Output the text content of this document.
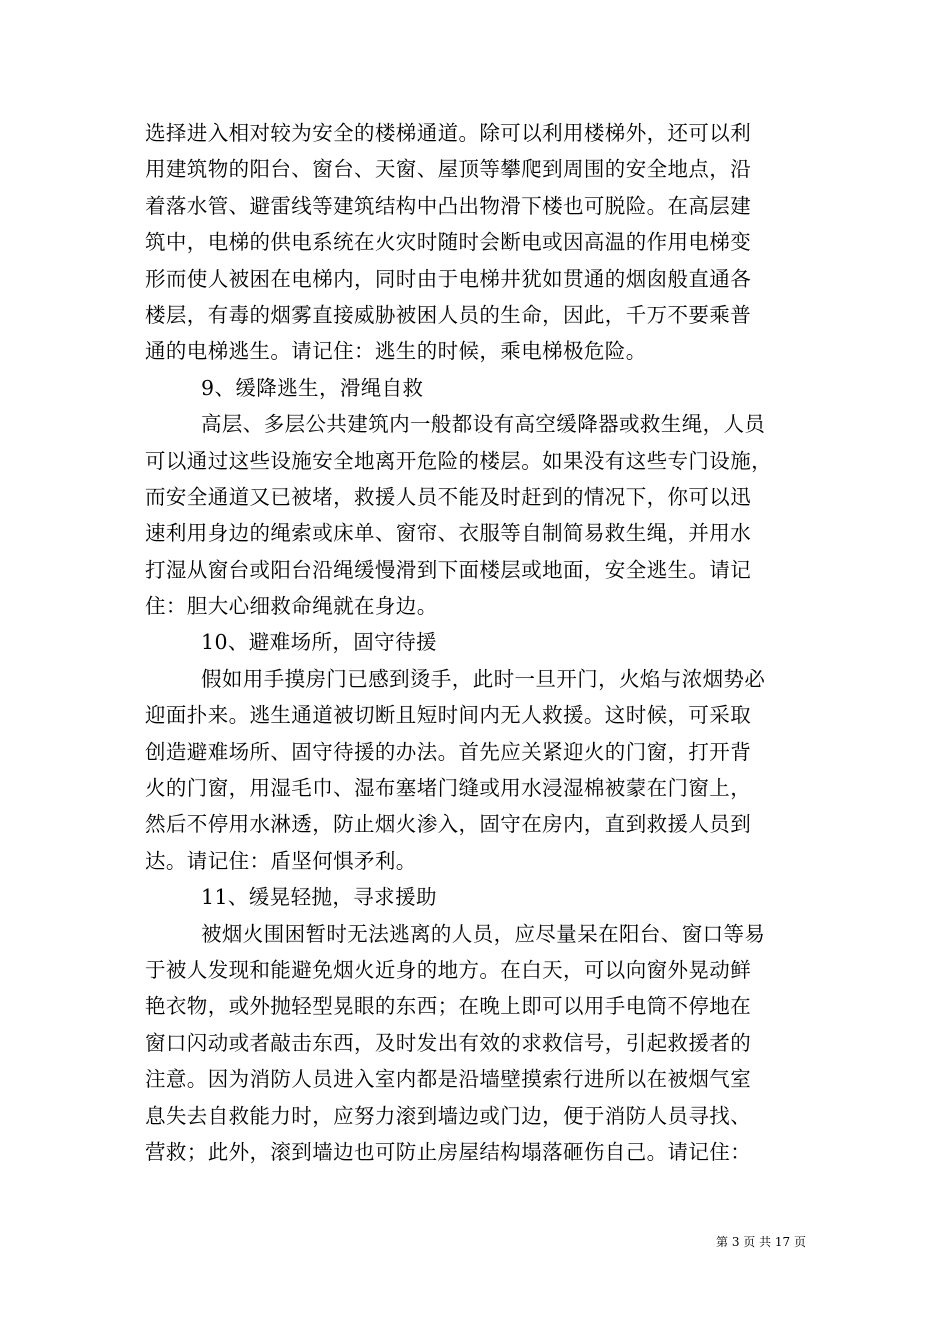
选择进入相对较为安全的楼梯通道。除可以利用楼梯外，还可以利
用建筑物的阳台、窗台、天窗、屋顶等攀爬到周围的安全地点，沿
着落水管、避雷线等建筑结构中凸出物滑下楼也可脱险。在高层建
筑中，电梯的供电系统在火灾时随时会断电或因高温的作用电梯变
形而使人被困在电梯内，同时由于电梯井犹如贯通的烟囱般直通各
楼层，有毒的烟雾直接威胁被困人员的生命，因此，千万不要乘普
通的电梯逃生。请记住：逃生的时候，乘电梯极危险。
9、缓降逃生，滑绳自救
高层、多层公共建筑内一般都设有高空缓降器或救生绳，人员
可以通过这些设施安全地离开危险的楼层。如果没有这些专门设施，
而安全通道又已被堵，救援人员不能及时赶到的情况下，你可以迅
速利用身边的绳索或床单、窗帘、衣服等自制简易救生绳，并用水
打湿从窗台或阳台沿绳缓慢滑到下面楼层或地面，安全逃生。请记
住：胆大心细救命绳就在身边。
10、避难场所，固守待援
假如用手摸房门已感到烫手，此时一旦开门，火焰与浓烟势必
迎面扑来。逃生通道被切断且短时间内无人救援。这时候，可采取
创造避难场所、固守待援的办法。首先应关紧迎火的门窗，打开背
火的门窗，用湿毛巾、湿布塞堵门缝或用水浸湿棉被蒙在门窗上，
然后不停用水淋透，防止烟火渗入，固守在房内，直到救援人员到
达。请记住：盾坚何惧矛利。
11、缓晃轻抛，寻求援助
被烟火围困暂时无法逃离的人员，应尽量呆在阳台、窗口等易
于被人发现和能避免烟火近身的地方。在白天，可以向窗外晃动鲜
艳衣物，或外抛轻型晃眼的东西；在晚上即可以用手电筒不停地在
窗口闪动或者敲击东西，及时发出有效的求救信号，引起救援者的
注意。因为消防人员进入室内都是沿墙壁摸索行进所以在被烟气室
息失去自救能力时，应努力滚到墙边或门边，便于消防人员寻找、
营救；此外，滚到墙边也可防止房屋结构塌落砸伤自己。请记住：
第 3 页 共 17 页
